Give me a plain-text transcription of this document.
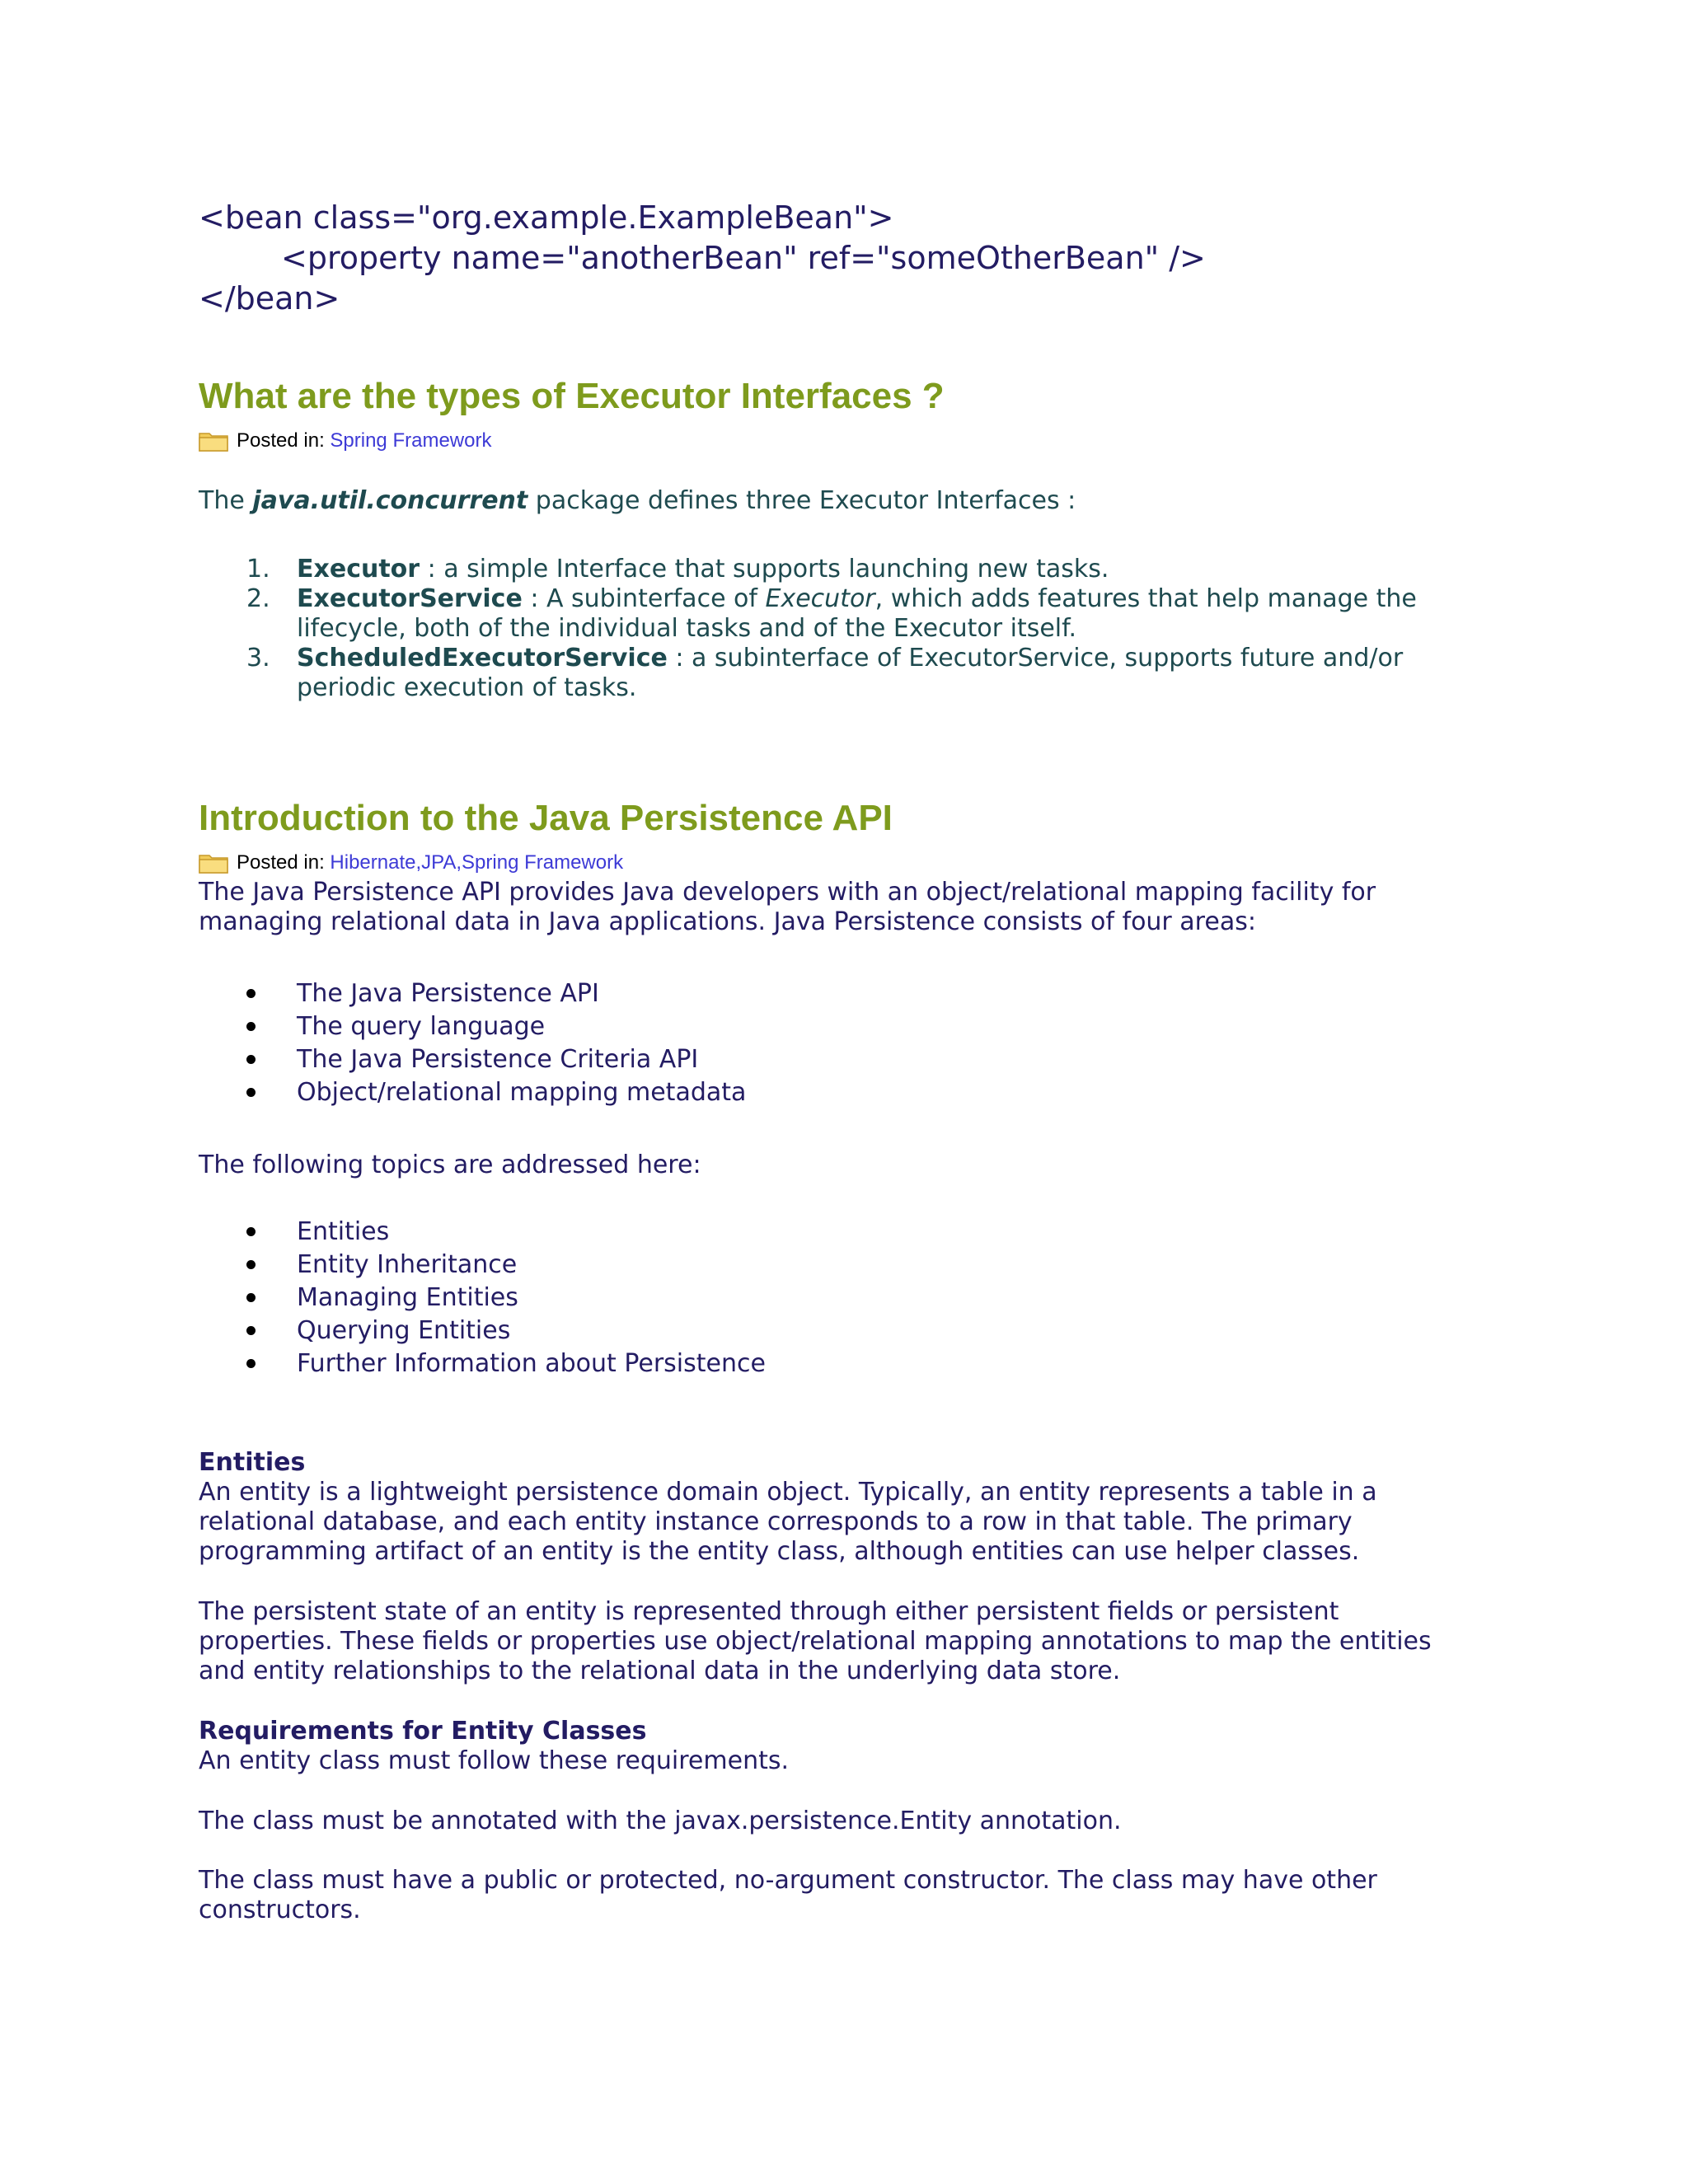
<bean class="org.example.ExampleBean">
<property name="anotherBean" ref="someOtherBean" />
</bean>
What are the types of Executor Interfaces ?
Posted in:
Spring Framework
The java.util.concurrent package defines three Executor Interfaces :
1. Executor : a simple Interface that supports launching new tasks.
2. ExecutorService : A subinterface of Executor, which adds features that help manage the lifecycle, both of the individual tasks and of the Executor itself.
3. ScheduledExecutorService : a subinterface of ExecutorService, supports future and/or periodic execution of tasks.
Introduction to the Java Persistence API
Posted in:
Hibernate , JPA , Spring Framework
The Java Persistence API provides Java developers with an object/relational mapping facility for managing relational data in Java applications. Java Persistence consists of four areas:
The Java Persistence API
The query language
The Java Persistence Criteria API
Object/relational mapping metadata
The following topics are addressed here:
Entities
Entity Inheritance
Managing Entities
Querying Entities
Further Information about Persistence
Entities
An entity is a lightweight persistence domain object. Typically, an entity represents a table in a relational database, and each entity instance corresponds to a row in that table. The primary programming artifact of an entity is the entity class, although entities can use helper classes.
The persistent state of an entity is represented through either persistent fields or persistent properties. These fields or properties use object/relational mapping annotations to map the entities and entity relationships to the relational data in the underlying data store.
Requirements for Entity Classes
An entity class must follow these requirements.
The class must be annotated with the javax.persistence.Entity annotation.
The class must have a public or protected, no-argument constructor. The class may have other constructors.
